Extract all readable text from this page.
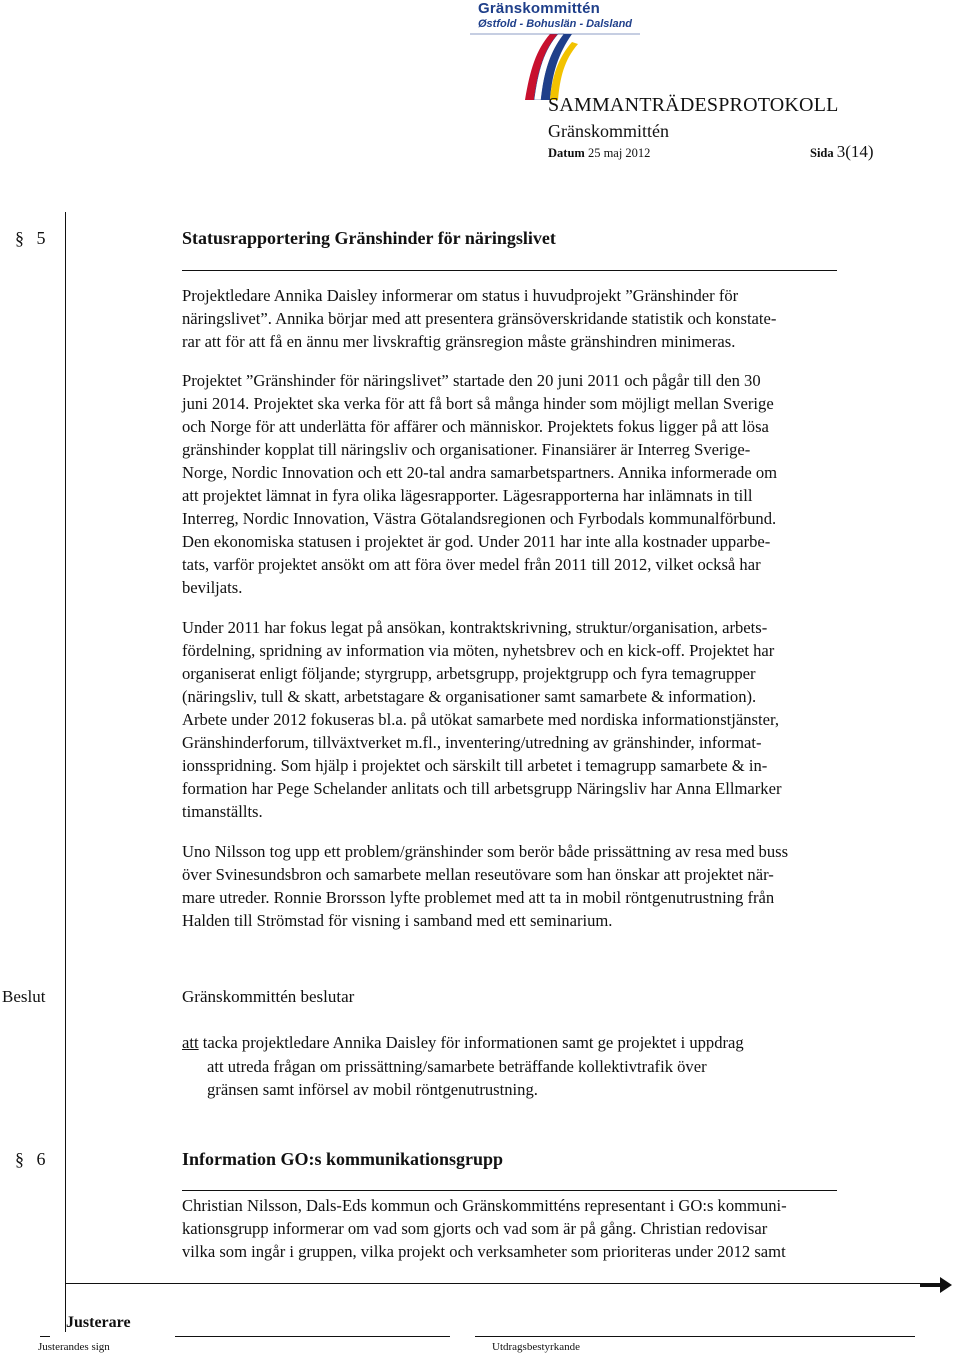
Gränskommittén
Østfold - Bohuslän - Dalsland
SAMMANTRÄDESPROTOKOLL
Gränskommittén
Datum 25 maj 2012	Sida 3(14)
§ 5	Statusrapportering Gränshinder för näringslivet
Projektledare Annika Daisley informerar om status i huvudprojekt ”Gränshinder för
näringslivet”. Annika börjar med att presentera gränsöverskridande statistik och konstate-
rar att för att få en ännu mer livskraftig gränsregion måste gränshindren minimeras.
Projektet ”Gränshinder för näringslivet” startade den 20 juni 2011 och pågår till den 30
juni 2014. Projektet ska verka för att få bort så många hinder som möjligt mellan Sverige
och Norge för att underlätta för affärer och människor. Projektets fokus ligger på att lösa
gränshinder kopplat till näringsliv och organisationer. Finansiärer är Interreg Sverige-
Norge, Nordic Innovation och ett 20-tal andra samarbetspartners. Annika informerade om
att projektet lämnat in fyra olika lägesrapporter. Lägesrapporterna har inlämnats in till
Interreg, Nordic Innovation, Västra Götalandsregionen och Fyrbodals kommunalförbund.
Den ekonomiska statusen i projektet är god. Under 2011 har inte alla kostnader upparbe-
tats, varför projektet ansökt om att föra över medel från 2011 till 2012, vilket också har
beviljats.
Under 2011 har fokus legat på ansökan, kontraktskrivning, struktur/organisation, arbets-
fördelning, spridning av information via möten, nyhetsbrev och en kick-off. Projektet har
organiserat enligt följande; styrgrupp, arbetsgrupp, projektgrupp och fyra temagrupper
(näringsliv, tull & skatt, arbetstagare & organisationer samt samarbete & information).
Arbete under 2012 fokuseras bl.a. på utökat samarbete med nordiska informationstjänster,
Gränshinderforum, tillväxtverket m.fl., inventering/utredning av gränshinder, informat-
ionsspridning. Som hjälp i projektet och särskilt till arbetet i temagrupp samarbete & in-
formation har Pege Schelander anlitats och till arbetsgrupp Näringsliv har Anna Ellmarker
timanställts.
Uno Nilsson tog upp ett problem/gränshinder som berör både prissättning av resa med buss
över Svinesundsbron och samarbete mellan reseutövare som han önskar att projektet när-
mare utreder. Ronnie Brorsson lyfte problemet med att ta in mobil röntgenutrustning från
Halden till Strömstad för visning i samband med ett seminarium.
Beslut	Gränskommittén beslutar
att tacka projektledare Annika Daisley för informationen samt ge projektet i uppdrag
att utreda frågan om prissättning/samarbete beträffande kollektivtrafik över
gränsen samt införsel av mobil röntgenutrustning.
§ 6	Information GO:s kommunikationsgrupp
Christian Nilsson, Dals-Eds kommun och Gränskommitténs representant i GO:s kommuni-
kationsgrupp informerar om vad som gjorts och vad som är på gång. Christian redovisar
vilka som ingår i gruppen, vilka projekt och verksamheter som prioriteras under 2012 samt
Justerare
Justerandes sign	Utdragsbestyrkande
